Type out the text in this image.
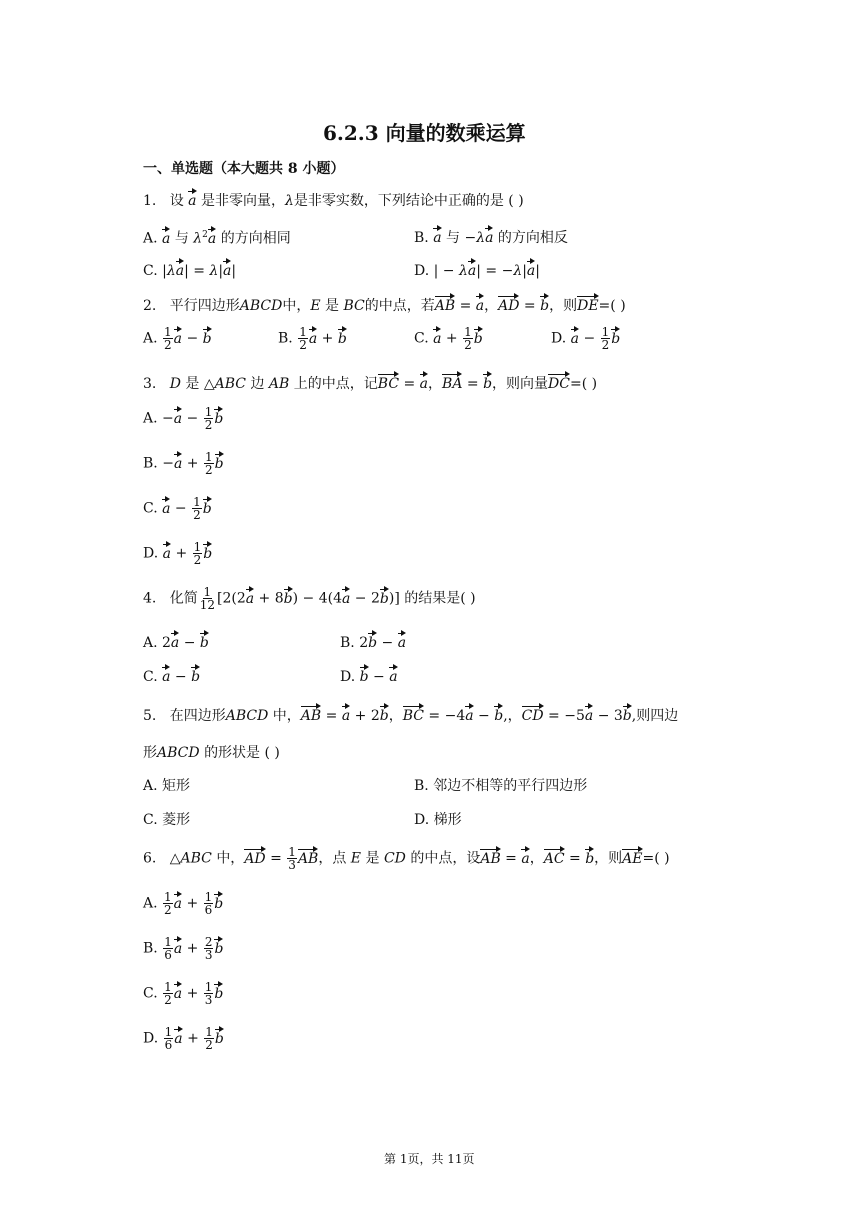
6.2.3 向量的数乘运算
一、单选题（本大题共 8 小题）
1. 设 a 是非零向量，λ是非零实数，下列结论中正确的是 ( )
A. a 与 $\lambda^2a$ 的方向相同	B. a 与 −λa 的方向相反
C. |λa| = λ|a|	D. | − λa| = −λ|a|
2. 平行四边形ABCD中，E 是 BC的中点，若AB = a，AD = b，则DE=( )
A. $\frac{1}{2}$ a − b	B. $\frac{1}{2}$ a + b	C. $a + \frac{1}{2}$ b	D. $a - \frac{1}{2}$ b
3. D 是 △ABC 边 AB 上的中点，记BC = a，BA = b，则向量DC=( )
A. $-a - \frac{1}{2}$ b
B. $-a + \frac{1}{2}$ b
C. $a - \frac{1}{2}$ b
D. $a + \frac{1}{2}$ b
4. 化简 $\frac{1}{12} [2(2a + 8b) - 4(4a - 2b)]$ 的结果是( )
A. 2a − b	B. 2b − a
C. a − b	D. b − a
5. 在四边形ABCD 中，AB = a + 2b，BC = −4a − b,，CD = −5a − 3b,则四边
形ABCD 的形状是 ( )
A. 矩形	B. 邻边不相等的平行四边形
C. 菱形	D. 梯形
6.   △ABC 中，AD = $\frac{1}{3}$ AB，点 E 是 CD 的中点，设AB = a，AC = b，则AE=( )
A. $\frac{1}{2}$ $a + \frac{1}{6}$ b
B. $\frac{1}{6}$ $a + \frac{2}{3}$ b
C. $\frac{1}{2}$ $a + \frac{1}{3}$ b
D. $\frac{1}{6}$ $a + \frac{1}{2}$ b
第 1页，共 11页
